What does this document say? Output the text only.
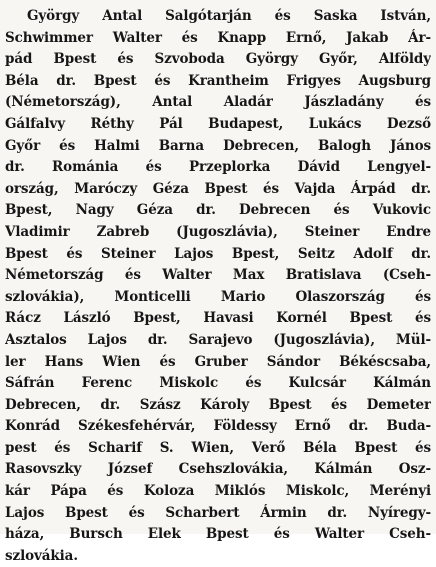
György Antal Salgótarján és Saska István,
Schwimmer Walter és Knapp Ernő, Jakab Ár-
pád Bpest és Szvoboda György Győr, Alföldy
Béla dr. Bpest és Krantheim Frigyes Augsburg
(Németország), Antal Aladár Jászladány és
Gálfalvy Réthy Pál Budapest, Lukács Dezső
Győr és Halmi Barna Debrecen, Balogh János
dr. Románia és Przeplorka Dávid Lengyel-
ország, Maróczy Géza Bpest és Vajda Árpád dr.
Bpest, Nagy Géza dr. Debrecen és Vukovic
Vladimir Zabreb (Jugoszlávia), Steiner Endre
Bpest és Steiner Lajos Bpest, Seitz Adolf dr.
Németország és Walter Max Bratislava (Cseh-
szlovákia), Monticelli Mario Olaszország és
Rácz László Bpest, Havasi Kornél Bpest és
Asztalos Lajos dr. Sarajevo (Jugoszlávia), Mül-
ler Hans Wien és Gruber Sándor Békéscsaba,
Sáfrán Ferenc Miskolc és Kulcsár Kálmán
Debrecen, dr. Szász Károly Bpest és Demeter
Konrád Székesfehérvár, Földessy Ernő dr. Buda-
pest és Scharif S. Wien, Verő Béla Bpest és
Rasovszky József Csehszlovákia, Kálmán Osz-
kár Pápa és Koloza Miklós Miskolc, Merényi
Lajos Bpest és Scharbert Ármin dr. Nyíregy-
háza, Bursch Elek Bpest és Walter Cseh-
szlovákia.
